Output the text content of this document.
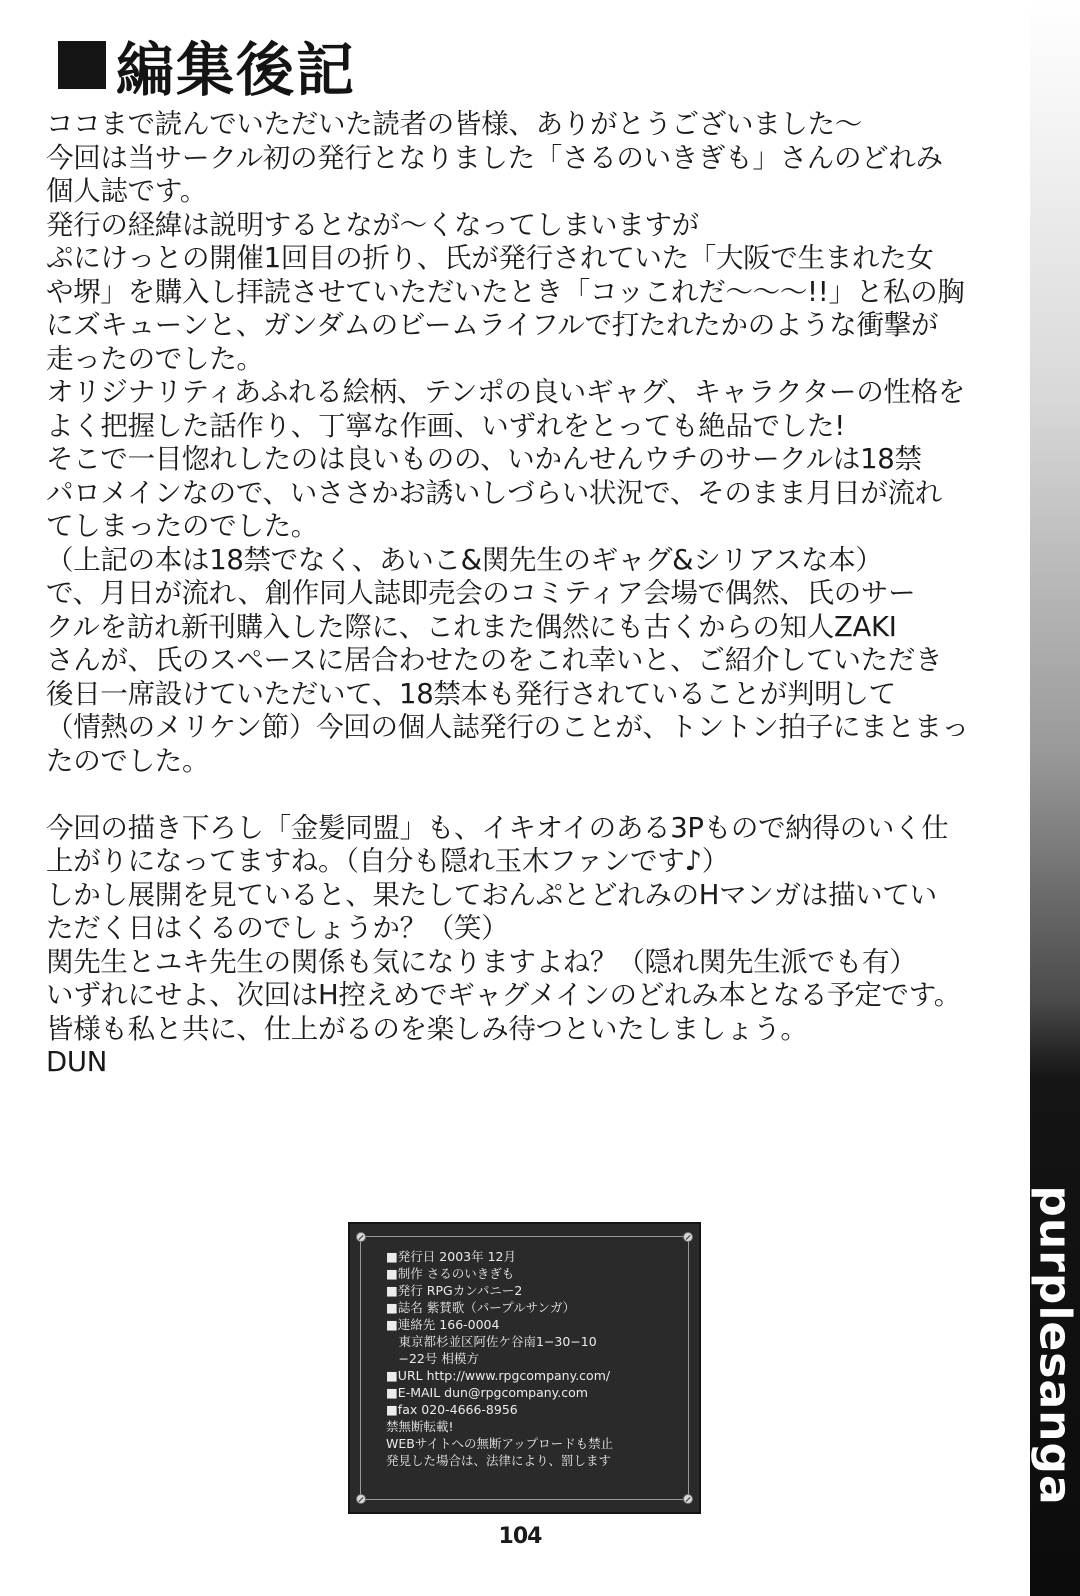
purplesanga
編集後記
ココまで読んでいただいた読者の皆様、ありがとうございました～
今回は当サークル初の発行となりました「さるのいきぎも」さんのどれみ
個人誌です。
発行の経緯は説明するとなが～くなってしまいますが
ぷにけっとの開催1回目の折り、氏が発行されていた「大阪で生まれた女
や堺」を購入し拝読させていただいたとき「コッこれだ～～～!!」と私の胸
にズキューンと、ガンダムのビームライフルで打たれたかのような衝撃が
走ったのでした。
オリジナリティあふれる絵柄、テンポの良いギャグ、キャラクターの性格を
よく把握した話作り、丁寧な作画、いずれをとっても絶品でした!
そこで一目惚れしたのは良いものの、いかんせんウチのサークルは18禁
パロメインなので、いささかお誘いしづらい状況で、そのまま月日が流れ
てしまったのでした。
（上記の本は18禁でなく、あいこ&関先生のギャグ&シリアスな本）
で、月日が流れ、創作同人誌即売会のコミティア会場で偶然、氏のサー
クルを訪れ新刊購入した際に、これまた偶然にも古くからの知人ZAKI
さんが、氏のスペースに居合わせたのをこれ幸いと、ご紹介していただき
後日一席設けていただいて、18禁本も発行されていることが判明して
（情熱のメリケン節）今回の個人誌発行のことが、トントン拍子にまとまっ
たのでした。
今回の描き下ろし「金髪同盟」も、イキオイのある3Pもので納得のいく仕
上がりになってますね。（自分も隠れ玉木ファンです♪）
しかし展開を見ていると、果たしておんぷとどれみのHマンガは描いてい
ただく日はくるのでしょうか？（笑）
関先生とユキ先生の関係も気になりますよね？（隠れ関先生派でも有）
いずれにせよ、次回はH控えめでギャグメインのどれみ本となる予定です。
皆様も私と共に、仕上がるのを楽しみ待つといたしましょう。
DUN
■発行日 2003年 12月
■制作 さるのいきぎも
■発行 RPGカンパニー2
■誌名 紫賛歌（パープルサンガ）
■連絡先 166-0004
　東京都杉並区阿佐ケ谷南1−30−10
　−22号 相模方
■URL http://www.rpgcompany.com/
■E-MAIL dun@rpgcompany.com
■fax 020-4666-8956
禁無断転載!
WEBサイトへの無断アップロードも禁止
発見した場合は、法律により、罰します
104
